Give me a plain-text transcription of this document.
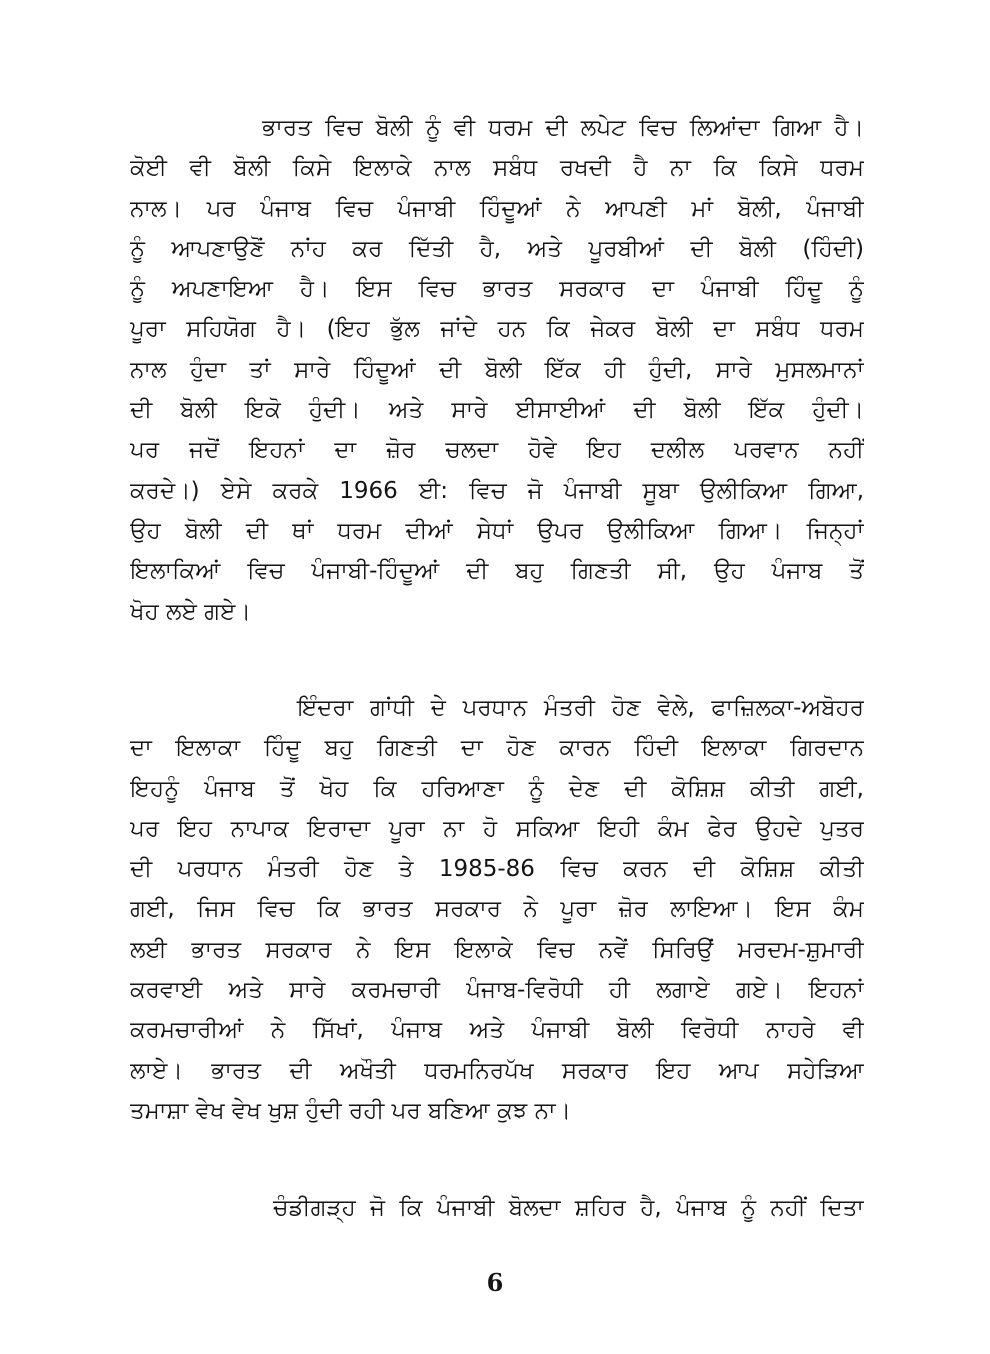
ਭਾਰਤ ਵਿਚ ਬੋਲੀ ਨੂੰ ਵੀ ਧਰਮ ਦੀ ਲਪੇਟ ਵਿਚ ਲਿਆਂਦਾ ਗਿਆ ਹੈ।
ਕੋਈ ਵੀ ਬੋਲੀ ਕਿਸੇ ਇਲਾਕੇ ਨਾਲ ਸਬੰਧ ਰਖਦੀ ਹੈ ਨਾ ਕਿ ਕਿਸੇ ਧਰਮ
ਨਾਲ। ਪਰ ਪੰਜਾਬ ਵਿਚ ਪੰਜਾਬੀ ਹਿੰਦੂਆਂ ਨੇ ਆਪਣੀ ਮਾਂ ਬੋਲੀ, ਪੰਜਾਬੀ
ਨੂੰ ਆਪਣਾਉਣੋਂ ਨਾਂਹ ਕਰ ਦਿੱਤੀ ਹੈ, ਅਤੇ ਪੂਰਬੀਆਂ ਦੀ ਬੋਲੀ (ਹਿੰਦੀ)
ਨੂੰ ਅਪਣਾਇਆ ਹੈ। ਇਸ ਵਿਚ ਭਾਰਤ ਸਰਕਾਰ ਦਾ ਪੰਜਾਬੀ ਹਿੰਦੂ ਨੂੰ
ਪੂਰਾ ਸਹਿਯੋਗ ਹੈ। (ਇਹ ਭੁੱਲ ਜਾਂਦੇ ਹਨ ਕਿ ਜੇਕਰ ਬੋਲੀ ਦਾ ਸਬੰਧ ਧਰਮ
ਨਾਲ ਹੁੰਦਾ ਤਾਂ ਸਾਰੇ ਹਿੰਦੂਆਂ ਦੀ ਬੋਲੀ ਇੱਕ ਹੀ ਹੁੰਦੀ, ਸਾਰੇ ਮੁਸਲਮਾਨਾਂ
ਦੀ ਬੋਲੀ ਇਕੋ ਹੁੰਦੀ। ਅਤੇ ਸਾਰੇ ਈਸਾਈਆਂ ਦੀ ਬੋਲੀ ਇੱਕ ਹੁੰਦੀ।
ਪਰ ਜਦੋਂ ਇਹਨਾਂ ਦਾ ਜ਼ੋਰ ਚਲਦਾ ਹੋਵੇ ਇਹ ਦਲੀਲ ਪਰਵਾਨ ਨਹੀਂ
ਕਰਦੇ।) ਏਸੇ ਕਰਕੇ 1966 ਈ: ਵਿਚ ਜੋ ਪੰਜਾਬੀ ਸੂਬਾ ਉਲੀਕਿਆ ਗਿਆ,
ਉਹ ਬੋਲੀ ਦੀ ਥਾਂ ਧਰਮ ਦੀਆਂ ਸੇਧਾਂ ਉਪਰ ਉਲੀਕਿਆ ਗਿਆ। ਜਿਨ੍ਹਾਂ
ਇਲਾਕਿਆਂ ਵਿਚ ਪੰਜਾਬੀ-ਹਿੰਦੂਆਂ ਦੀ ਬਹੁ ਗਿਣਤੀ ਸੀ, ਉਹ ਪੰਜਾਬ ਤੋਂ
ਖੋਹ ਲਏ ਗਏ।
ਇੰਦਰਾ ਗਾਂਧੀ ਦੇ ਪਰਧਾਨ ਮੰਤਰੀ ਹੋਣ ਵੇਲੇ, ਫਾਜ਼ਿਲਕਾ-ਅਬੋਹਰ
ਦਾ ਇਲਾਕਾ ਹਿੰਦੂ ਬਹੁ ਗਿਣਤੀ ਦਾ ਹੋਣ ਕਾਰਨ ਹਿੰਦੀ ਇਲਾਕਾ ਗਿਰਦਾਨ
ਇਹਨੂੰ ਪੰਜਾਬ ਤੋਂ ਖੋਹ ਕਿ ਹਰਿਆਣਾ ਨੂੰ ਦੇਣ ਦੀ ਕੋਸ਼ਿਸ਼ ਕੀਤੀ ਗਈ,
ਪਰ ਇਹ ਨਾਪਾਕ ਇਰਾਦਾ ਪੂਰਾ ਨਾ ਹੋ ਸਕਿਆ ਇਹੀ ਕੰਮ ਫੇਰ ਉਹਦੇ ਪੁਤਰ
ਦੀ ਪਰਧਾਨ ਮੰਤਰੀ ਹੋਣ ਤੇ 1985-86 ਵਿਚ ਕਰਨ ਦੀ ਕੋਸ਼ਿਸ਼ ਕੀਤੀ
ਗਈ, ਜਿਸ ਵਿਚ ਕਿ ਭਾਰਤ ਸਰਕਾਰ ਨੇ ਪੂਰਾ ਜ਼ੋਰ ਲਾਇਆ। ਇਸ ਕੰਮ
ਲਈ ਭਾਰਤ ਸਰਕਾਰ ਨੇ ਇਸ ਇਲਾਕੇ ਵਿਚ ਨਵੇਂ ਸਿਰਿਉਂ ਮਰਦਮ-ਸ਼ੁਮਾਰੀ
ਕਰਵਾਈ ਅਤੇ ਸਾਰੇ ਕਰਮਚਾਰੀ ਪੰਜਾਬ-ਵਿਰੋਧੀ ਹੀ ਲਗਾਏ ਗਏ। ਇਹਨਾਂ
ਕਰਮਚਾਰੀਆਂ ਨੇ ਸਿੱਖਾਂ, ਪੰਜਾਬ ਅਤੇ ਪੰਜਾਬੀ ਬੋਲੀ ਵਿਰੋਧੀ ਨਾਹਰੇ ਵੀ
ਲਾਏ। ਭਾਰਤ ਦੀ ਅਖੌਤੀ ਧਰਮਨਿਰਪੱਖ ਸਰਕਾਰ ਇਹ ਆਪ ਸਹੇੜਿਆ
ਤਮਾਸ਼ਾ ਵੇਖ ਵੇਖ ਖੁਸ਼ ਹੁੰਦੀ ਰਹੀ ਪਰ ਬਣਿਆ ਕੁਝ ਨਾ।
ਚੰਡੀਗੜ੍ਹ ਜੋ ਕਿ ਪੰਜਾਬੀ ਬੋਲਦਾ ਸ਼ਹਿਰ ਹੈ, ਪੰਜਾਬ ਨੂੰ ਨਹੀਂ ਦਿਤਾ
6
